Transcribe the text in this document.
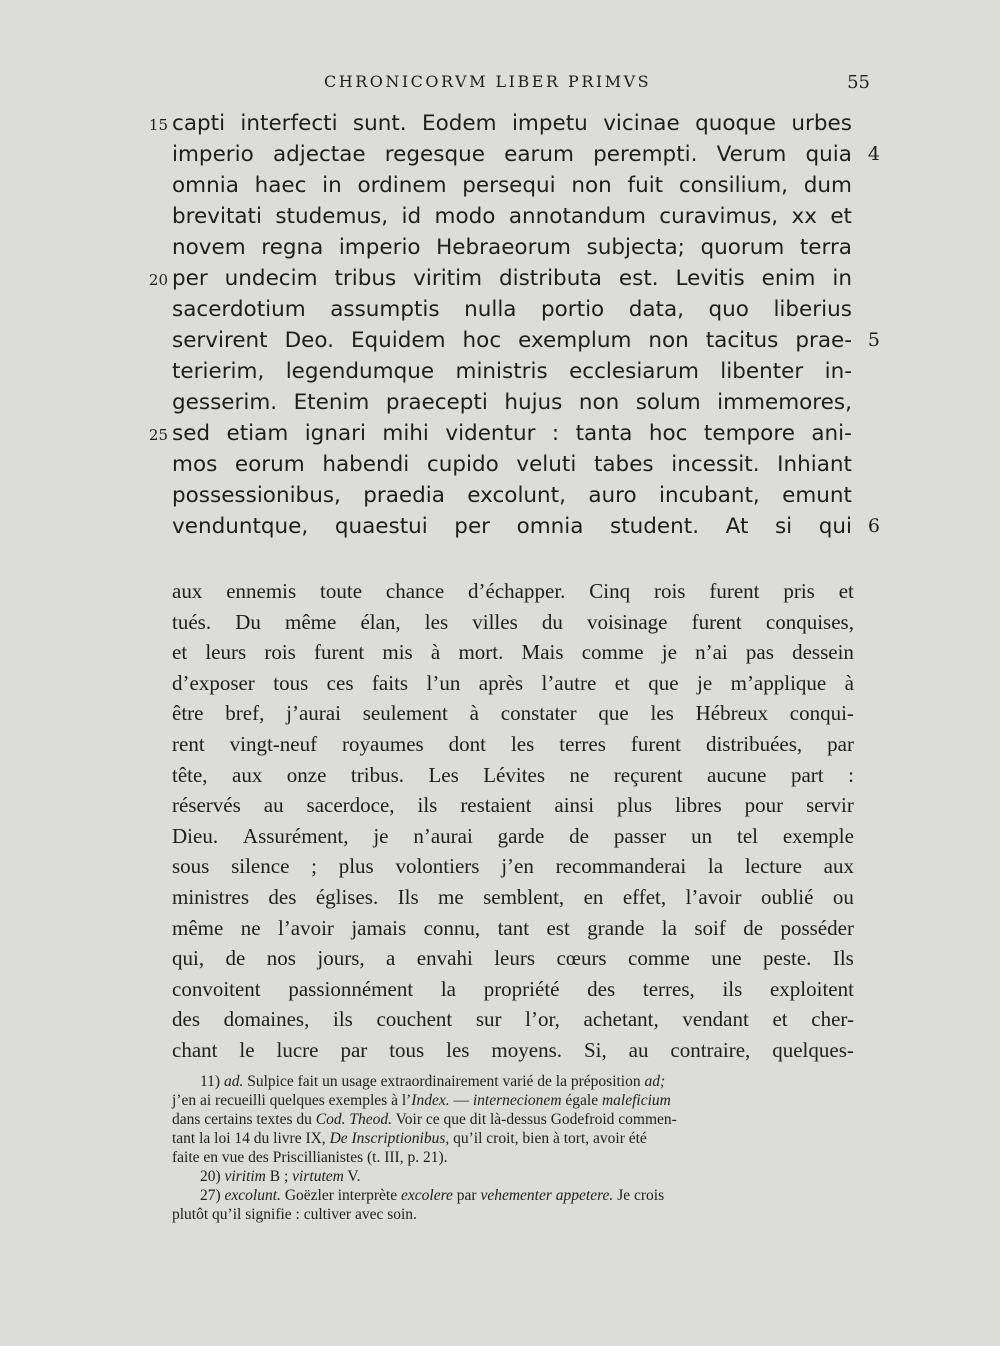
CHRONICORVM LIBER PRIMVS	55
15 capti interfecti sunt. Eodem impetu vicinae quoque urbes
imperio adjectae regesque earum perempti. Verum quia 4
omnia haec in ordinem persequi non fuit consilium, dum
brevitati studemus, id modo annotandum curavimus, xx et
novem regna imperio Hebraeorum subjecta; quorum terra
20 per undecim tribus viritim distributa est. Levitis enim in
sacerdotium assumptis nulla portio data, quo liberius
servirent Deo. Equidem hoc exemplum non tacitus prae- 5
terierim, legendumque ministris ecclesiarum libenter in-
gesserim. Etenim praecepti hujus non solum immemores,
25 sed etiam ignari mihi videntur : tanta hoc tempore ani-
mos eorum habendi cupido veluti tabes incessit. Inhiant
possessionibus, praedia excolunt, auro incubant, emunt
venduntque, quaestui per omnia student. At si qui 6
aux ennemis toute chance d’échapper. Cinq rois furent pris et
tués. Du même élan, les villes du voisinage furent conquises,
et leurs rois furent mis à mort. Mais comme je n’ai pas dessein
d’exposer tous ces faits l’un après l’autre et que je m’applique à
être bref, j’aurai seulement à constater que les Hébreux conqui-
rent vingt-neuf royaumes dont les terres furent distribuées, par
tête, aux onze tribus. Les Lévites ne reçurent aucune part :
réservés au sacerdoce, ils restaient ainsi plus libres pour servir
Dieu. Assurément, je n’aurai garde de passer un tel exemple
sous silence ; plus volontiers j’en recommanderai la lecture aux
ministres des églises. Ils me semblent, en effet, l’avoir oublié ou
même ne l’avoir jamais connu, tant est grande la soif de posséder
qui, de nos jours, a envahi leurs cœurs comme une peste. Ils
convoitent passionnément la propriété des terres, ils exploitent
des domaines, ils couchent sur l’or, achetant, vendant et cher-
chant le lucre par tous les moyens. Si, au contraire, quelques-

11) ad. Sulpice fait un usage extraordinairement varié de la préposition ad;

j’en ai recueilli quelques exemples à l’Index. — internecionem égale maleficium

dans certains textes du Cod. Theod. Voir ce que dit là-dessus Godefroid commen-

tant la loi 14 du livre IX, De Inscriptionibus, qu’il croit, bien à tort, avoir été

faite en vue des Priscillianistes (t. III, p. 21).

20) viritim B ; virtutem V.

27) excolunt. Goëzler interprète excolere par vehementer appetere. Je crois

plutôt qu’il signifie : cultiver avec soin.
